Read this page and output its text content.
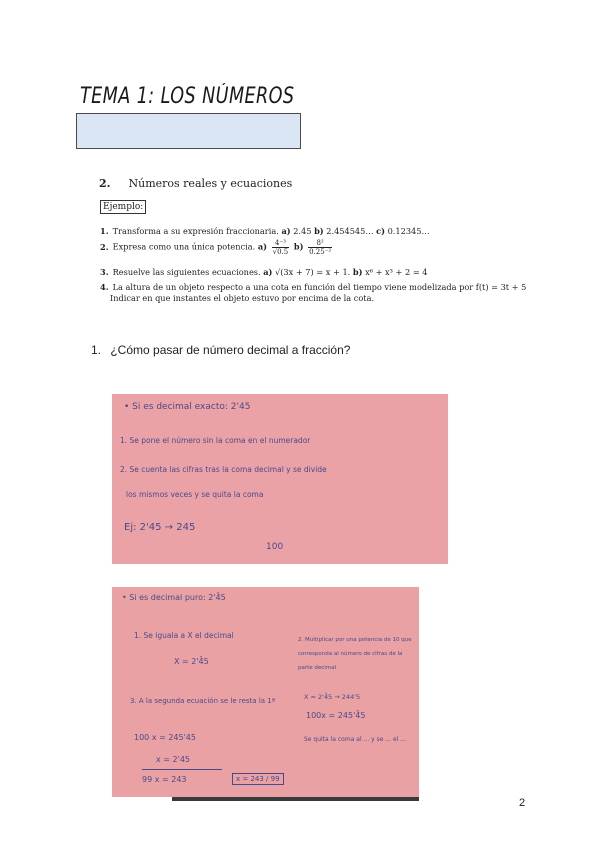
TEMA 1: LOS NÚMEROS
2. Números reales y ecuaciones
Ejemplo:
1. Transforma a su expresión fraccionaria. a) 2.45 b) 2.454545… c) 0.12345…
2. Expresa como una única potencia. $a) \frac{\text{4⁻³}}{√0.5} b) \frac{\text{8²}}{\text{0.25⁻²}}$
3. Resuelve las siguientes ecuaciones. a) √(3x + 7) = x + 1. b) x⁶ + x³ + 2 = 4
4. La altura de un objeto respecto a una cota en función del tiempo viene modelizada por f(t) = 3t + 5
Indicar en que instantes el objeto estuvo por encima de la cota.
1. ¿Cómo pasar de número decimal a fracción?
• Si es decimal exacto: 2'45
1. Se pone el número sin la coma en el numerador
2. Se cuenta las cifras tras la coma decimal y se divide
los mismos veces y se quita la coma
Ej: 2'45 → 245
100
• Si es decimal puro: 2'4̂5
1. Se iguala a X el decimal
X = 2'4̂5
2. Multiplicar por una potencia de 10 que corresponda al número de cifras de la parte decimal
X = 2'4̂5 → 244'5
100x = 245'4̂5
3. A la segunda ecuación se le resta la 1ª
100 x = 245'45
x = 2'45
99 x = 243	x = 243 / 99
Se quita la coma al ... y se ... el ...
2
